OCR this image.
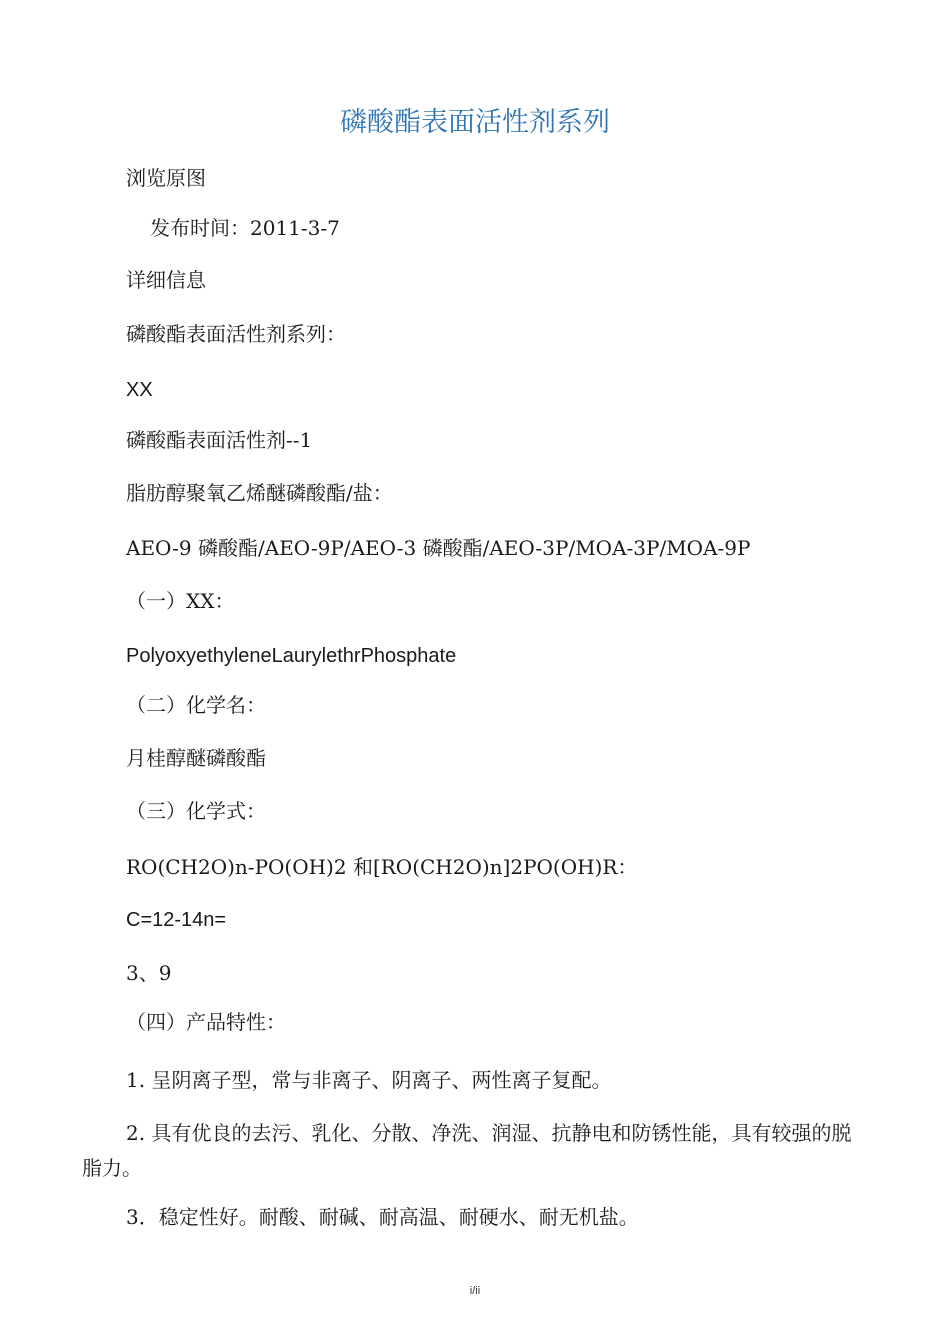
磷酸酯表面活性剂系列
浏览原图
发布时间：2011-3-7
详细信息
磷酸酯表面活性剂系列：
XX
磷酸酯表面活性剂--1
脂肪醇聚氧乙烯醚磷酸酯/盐：
AEO-9 磷酸酯/AEO-9P/AEO-3 磷酸酯/AEO-3P/MOA-3P/MOA-9P
（一）XX：
PolyoxyethyleneLaurylethrPhosphate
（二）化学名：
月桂醇醚磷酸酯
（三）化学式：
RO(CH2O)n-PO(OH)2 和[RO(CH2O)n]2PO(OH)R：
C=12-14n=
3、9
（四）产品特性：
1. 呈阴离子型，常与非离子、阴离子、两性离子复配。
2. 具有优良的去污、乳化、分散、净洗、润湿、抗静电和防锈性能，具有较强的脱脂力。
3．稳定性好。耐酸、耐碱、耐高温、耐硬水、耐无机盐。
i/ii
